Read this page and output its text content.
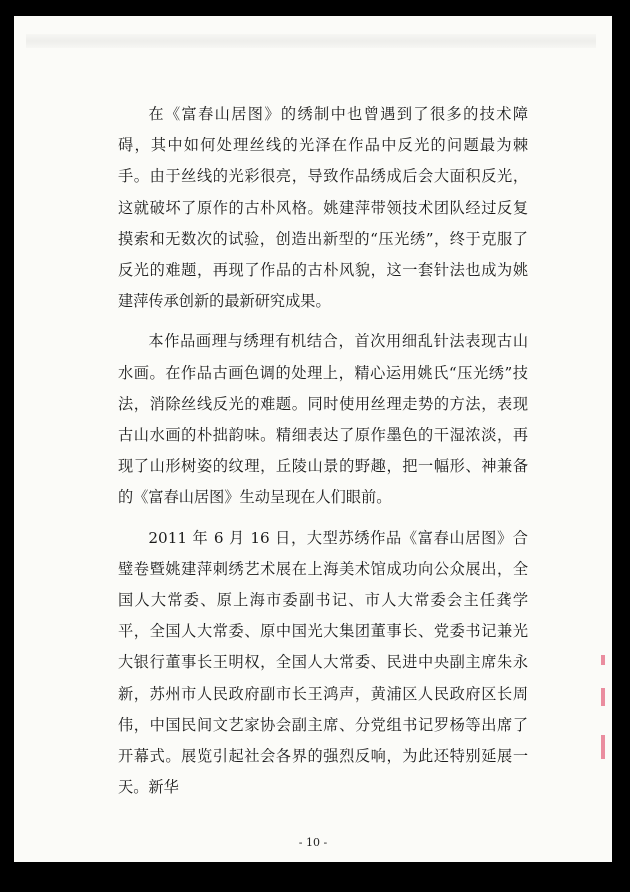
在《富春山居图》的绣制中也曾遇到了很多的技术障碍，其中如何处理丝线的光泽在作品中反光的问题最为棘手。由于丝线的光彩很亮，导致作品绣成后会大面积反光，这就破坏了原作的古朴风格。姚建萍带领技术团队经过反复摸索和无数次的试验，创造出新型的“压光绣”，终于克服了反光的难题，再现了作品的古朴风貌，这一套针法也成为姚建萍传承创新的最新研究成果。

本作品画理与绣理有机结合，首次用细乱针法表现古山水画。在作品古画色调的处理上，精心运用姚氏“压光绣”技法，消除丝线反光的难题。同时使用丝理走势的方法，表现古山水画的朴拙韵味。精细表达了原作墨色的干湿浓淡，再现了山形树姿的纹理，丘陵山景的野趣，把一幅形、神兼备的《富春山居图》生动呈现在人们眼前。

2011 年 6 月 16 日，大型苏绣作品《富春山居图》合璧卷暨姚建萍刺绣艺术展在上海美术馆成功向公众展出，全国人大常委、原上海市委副书记、市人大常委会主任龚学平，全国人大常委、原中国光大集团董事长、党委书记兼光大银行董事长王明权，全国人大常委、民进中央副主席朱永新，苏州市人民政府副市长王鸿声，黄浦区人民政府区长周伟，中国民间文艺家协会副主席、分党组书记罗杨等出席了开幕式。展览引起社会各界的强烈反响，为此还特别延展一天。新华

- 10 -
